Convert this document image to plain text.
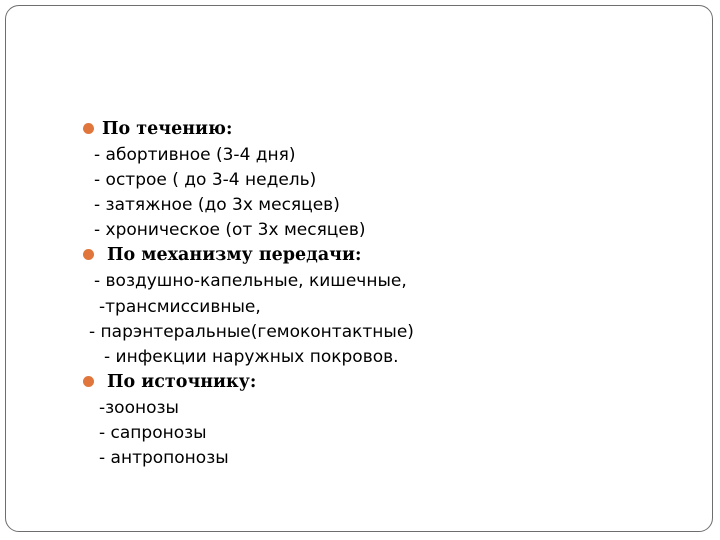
По течению:
- абортивное (3-4 дня)
- острое ( до 3-4 недель)
- затяжное (до 3х месяцев)
- хроническое (от 3х месяцев)
По механизму передачи:
- воздушно-капельные, кишечные,
-трансмиссивные,
- парэнтеральные(гемоконтактные)
- инфекции наружных покровов.
По источнику:
-зоонозы
- сапронозы
- антропонозы
